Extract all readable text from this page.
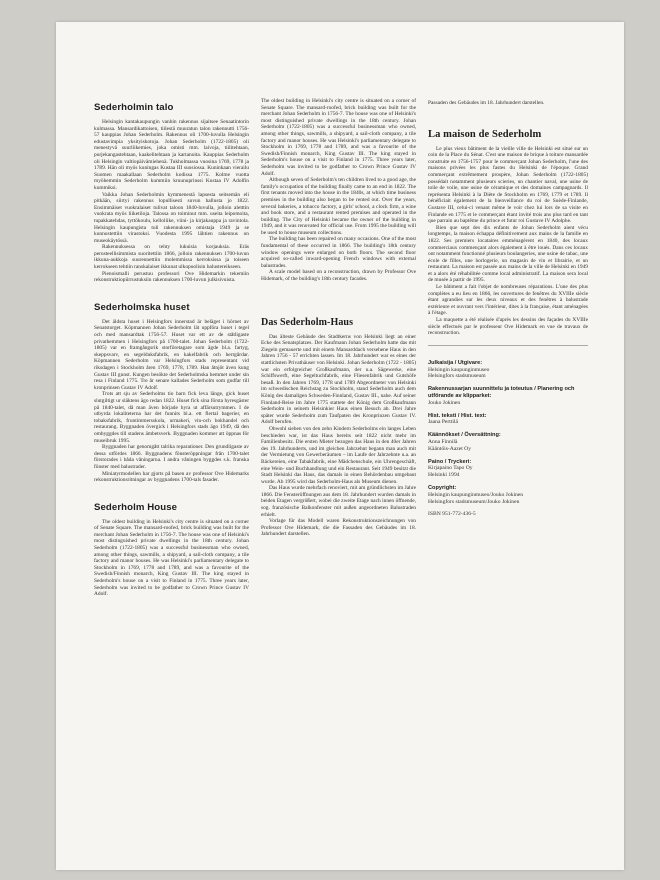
Sederholmin talo

Helsingin kantakaupungin vanhin rakennus sijaitsee Senaatintorin kulmassa. Mansardikattoisen, tiilestä muuratun talon rakennutti 1756-57 kauppias Johan Sederholm. Rakennus oli 1700-luvulla Helsingin edustavimpia yksityiskotoja. Johan Sederholm (1722-1805) oli menestyvä suurliikemies, joka omisti mm. laivoja, tiilitehtaan, purjekangastehtaan, kaakelitehtaan ja kartanoita. Kauppias Sederholm oli Helsingin valtiopäivämiehenä. Tukholmassa vuosina 1769, 1778 ja 1789. Hän oli myös kuningas Kustaa III suosiossa. Kuninkaan vierailu Suomen maakallaan Sederholm kodissa 1775. Kolme vuotta myöhemmin Sederholm kummiin kruunuprinssi Kustaa IV Adolfin kummiksi.

Vaikka Johan Sederholmin kymmenestä lapsesta seitsemän eli pitkään, siirtyi rakennus lopullisesti suvun hallusta jo 1822. Ensimmäiset vuokralaiset tulivat taloon 1840-luvulla, jolloin aletttin vuokrata myös liiketiloja. Talossa on toiminut mm. useita leipomoita, tupakkatehdas, tyttökoulu, kelloliike, viini- ja kirjakauppa ja ravintola. Helsingin kaupungista tuli rakennuksen omistaja 1949 ja se kunnostettiin virastoksi. Vuodesta 1995 lähtien rakennus on museokäytössä.

Rakennuksessa on tehty lukuisia korjauksia. Eräs perusteellisimmista suoritettiin 1866, jolloin rakennuksen 1700-luvun ikkuna-aukkoja suurennettiin molemmissa kerroksissa ja toiseen kerrokseen tehtiin ranskalaiset ikkunat ulkopuolisin balustereikseen.

Pienoismalli perustuu professori Ove Hidemarkin tekemiin rekonstruktiopiirrustuksiin rakennuksen 1700-luvun julkisivuista.

Sederholmska huset

Det äldsta huset i Helsingfors innerstad är beläget i hörnet av Senatstorget. Köpmannen Johan Sederholm lät uppföra huset i tegel och med mansardtak 1756-57. Huset var ett av de ståtligaste privathemmen i Helsingfors på 1700-talet. Johan Sederholm (1722-1805) var en framgångsrik storföretagare som ägde bl.a. fartyg, skeppsvarv, en segelduksfabrik, en kakelfabrik och herrgårdar. Köpmannen Sederholm var Helsingfors stads representant vid riksdagen i Stockholm åren 1769, 1778, 1789. Han åtnjöt även kung Gustav III gunst. Kungen besökte det Sederholmska hemmet under sin resa i Finland 1775. Tre år senare kallades Sederholm som gudfar till kronprinsen Gustav IV Adolf.

Trots att sju av Sederholms tio barn fick leva länge, gick huset slutgiltigt ur släktens ägo redan 1822. Huset fick sina första hyresgäster på 1840-talet, då man även började hyra ut affärsutrymmen. I de utbyrda lokaliteterna har det funnits bl.a. ett flertal bagerier, en tobaksfabrik, fruntimmersskola, urmakeri, vin-och bokhandel och restaurang. Byggnaden övergick i Helsingfors stads ägo 1949, då den ombyggdes till stadens ämbetsverk. Byggnaden kommer att öppnas för museibruk 1995.

Byggnaden har genomgått talrika reparationer. Den grundligaste av dessa utfördes 1866. Byggnadens fönsteröppningar från 1700-talet förstorades i båda våningarna. I andra våningen byggdes s.k. franska fönster med balustrader.

Miniatyrmodellen har gjorts på basen av professor Ove Hidemarks rekonstruktionsritningar av byggnadens 1700-tals fasader.

Sederholm House

The oldest building in Helsinki's city centre is situated on a corner of Senate Square. The mansard-roofed, brick building was built for the merchant Johan Sederholm in 1756-7. The house was one of Helsinki's most distinguished private dwellings in the 18th century. Johan Sederholm (1722-1805) was a successful businessman who owned, among other things, sawmills, a shipyard, a sail-cloth company, a tile factory and manor houses. He was Helsinki's parliamentary delegate to Stockholm in 1769, 1778 and 1789, and was a favourite of the Swedish/Finnish monarch, King Gustav III. The king stayed in Sederholm's house on a visit to Finland in 1775. Three years later, Sederholm was invited to be godfather to Crown Prince Gustav IV Adolf.

The oldest building in Helsinki's city centre is situated on a corner of Senate Square. The mansard-roofed, brick building was built for the merchant Johan Sederholm in 1756-7. The house was one of Helsinki's most distinguished private dwellings in the 18th century. Johan Sederholm (1722-1805) was a successful businessman who owned, among other things, sawmills, a shipyard, a sail-cloth company, a tile factory and manor houses. He was Helsinki's parliamentary delegate to Stockholm in 1769, 1778 and 1789, and was a favourite of the Swedish/Finnish monarch, King Gustav III. The king stayed in Sederholm's house on a visit to Finland in 1775. Three years later, Sederholm was invited to be godfather to Crown Prince Gustav IV Adolf.

Although seven of Sederholm's ten children lived to a good age, the family's occupation of the building finally came to an end in 1822. The first tenants moved into the house in the 1840s, at which time business premises in the building also began to be rented out. Over the years, several bakeries, a tobacco factory, a girls' school, a clock firm, a wine and book store, and a restaurant rented premises and operated in the building. The City of Helsinki became the owner of the building in 1949, and it was renovated for official use. From 1995 the building will be used to house museum collections.

The building has been repaired on many occasions. One of the most fundamental of these occurred in 1866. The building's 18th century window openings were enlarged on both floors. The second floor acquired so-called inward-opening French windows with external balustrades.

A scale model based on a reconstruction, drawn by Professor Ove Hidemark, of the building's 18th century facades.

Das Sederholm-Haus

Das älteste Gebäude des Stadtkerns von Helsinki liegt an einer Ecke des Senatsplatzes. Der Kaufmann Johan Sederholm hatte das mit Ziegeln gemauerte und mit einem Mansarddach versehene Haus in den Jahren 1756 - 57 errichten lassen. Im 18. Jahrhundert war es eines der stattlichsten Privathäuser von Helsinki. Johan Sederholm (1722 - 1805) war ein erfolgreicher Großkaufmann, der u.a. Sägewerke, eine Schiffswerft, eine Segeltuchfabrik, eine Fliesenfabrik und Gutshöfe besaß. In den Jahren 1769, 1778 und 1789 Abgeordneter von Helsinki im schwedischen Reichstag zu Stockholm, stand Sederholm auch dem König des damaligen Schweden-Finnland, Gustav III., nahe. Auf seiner Finnland-Reise im Jahre 1775 stattete der König dem Großkaufmann Sederholm in seinem Helsinkier Haus einen Besuch ab. Drei Jahre später wurde Sederholm zum Taufpaten des Kronprinzen Gustav IV. Adolf berufen.

Obwohl sieben von den zehn Kindern Sederholms ein langes Leben beschieden war, ist das Haus bereits seit 1822 nicht mehr im Familienbesitz. Die ersten Mieter bezogen das Haus in den 40er Jahren des 19. Jahrhunderts, und im gleichen Jahrzehnt begann man auch mit der Vermietung von Gewerberäumen – im Laufe der Jahrzehnte u.a. an Bäckereien, eine Tabakfabrik, eine Mädchenschule, ein Uhrengeschäft, eine Wein- und Buchhandlung und ein Restaurant. Seit 1949 besitzt die Stadt Helsinki das Haus, das damals in einen Behördenbau umgebaut wurde. Ab 1995 wird das Sederholm-Haus als Museum dienen.

Das Haus wurde mehrfach renoviert, mit am gründlichsten im Jahre 1866. Die Fensteröffnungen aus dem 18. Jahrhundert wurden damals in beiden Etagen vergrößert, wobei die zweite Etage nach innen öffnende, sog. französische Balkonfenster mit außen angeordneten Balustraden erhielt.

Vorlage für das Modell waren Rekonstruktionszeichnungen von Professor Ove Hidemark, die die Fassaden des Gebäudes im 18. Jahrhundert darstellen.

Passaden des Gebäudes im 18. Jahrhundert darstellen.

La maison de Sederholm

Le plus vieux bâtiment de la vieille ville de Helsinki est situé sur un coin de la Place du Sénat. C'est une maison de brique à toiture mansardée construite en 1756-1757 pour le commerçant Johan Sederholm, l'une des maisons privées les plus fastes du Helsinki de l'époque. Grand commerçant extrêmement prospère, Johan Sederholm (1722-1805) possédait notamment plusieurs scieries, un chantier naval, une usine de toile de voile, une usine de céramique et des domaines campagnards. Il représenta Helsinki à la Diète de Stockholm en 1769, 1779 et 1789. Il bénéficiait également de la bienveillance du roi de Suède-Finlande, Gustave III, celui-ci venant même le voir chez lui lors de sa visite en Finlande en 1775 et le commerçant étant invité trois ans plus tard en tant que parrain au baptême du prince et futur roi Gustave IV Adolphe.

Bien que sept des dix enfants de Johan Sederholm aient vécu longtemps, la maison échappa définitivement aux mains de la famille en 1822. Ses premiers locataires emménagèrent en 1840, des locaux commerciaux commençant alors également à être loués. Dans ces locaux ont notamment fonctionné plusieurs boulangeries, une usine de tabac, une école de filles, une horlogerie, un magasin de vin et librairie, et un restaurant. La maison est passée aux mains de la ville de Helsinki en 1949 et a alors été réhabilitée comme local administratif. La maison sera local de musée à partir de 1995.

Le bâtiment a fait l'objet de nombreuses réparations. L'une des plus complètes a eu lieu en 1866, les ouvertures de fenêtres du XVIIIe siècle étant agrandies sur les deux niveaux et des fenêtres à balustrade extérieure et ouvrant vers l'intérieur, dites à la française, étant aménagées à l'étage.

La maquette a été réalisée d'après les dessins des façades du XVIIIe siècle effectués par le professeur Ove Hidemark en vue de travaux de reconstruction.

Julkaisija / Utgivare:
Helsingin kaupunginmuseo
Helsingfors stadsmuseum
Rakennussarjan suunnittelu ja toteutus / Planering och utförande av klipparket:
Jouko Jokinen
Hist. teksti / Hist. text:
Jaana Perttilä
Käännökset / Översättning:
Anna Finnilä
Kääntöis-Aazet Oy
Paino / Tryckeri:
Kirjapaino Tapo Oy
Helsinki 1994
Copyright:
Helsingin kaupunginmuseo/Jouko Jokinen
Helsingfors stadsmuseum/Jouko Jokinen
ISBN 951-772-436-5
